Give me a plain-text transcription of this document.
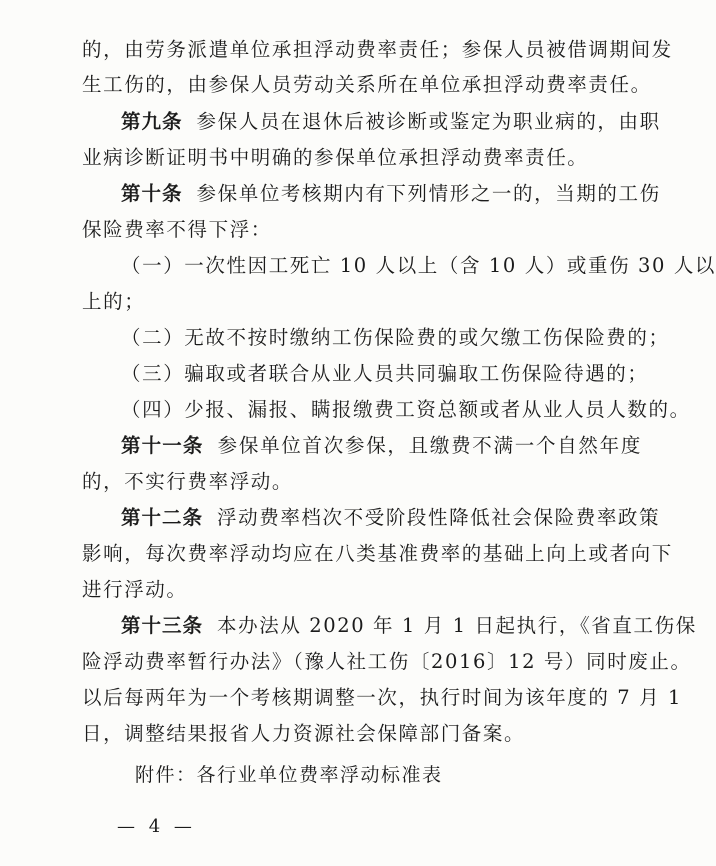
的，由劳务派遣单位承担浮动费率责任；参保人员被借调期间发
生工伤的，由参保人员劳动关系所在单位承担浮动费率责任。
第九条 参保人员在退休后被诊断或鉴定为职业病的，由职
业病诊断证明书中明确的参保单位承担浮动费率责任。
第十条 参保单位考核期内有下列情形之一的，当期的工伤
保险费率不得下浮：
（一）一次性因工死亡 10 人以上（含 10 人）或重伤 30 人以
上的；
（二）无故不按时缴纳工伤保险费的或欠缴工伤保险费的；
（三）骗取或者联合从业人员共同骗取工伤保险待遇的；
（四）少报、漏报、瞒报缴费工资总额或者从业人员人数的。
第十一条 参保单位首次参保，且缴费不满一个自然年度
的，不实行费率浮动。
第十二条 浮动费率档次不受阶段性降低社会保险费率政策
影响，每次费率浮动均应在八类基准费率的基础上向上或者向下
进行浮动。
第十三条 本办法从 2020 年 1 月 1 日起执行，《省直工伤保
险浮动费率暂行办法》（豫人社工伤〔2016〕12 号）同时废止。
以后每两年为一个考核期调整一次，执行时间为该年度的 7 月 1
日，调整结果报省人力资源社会保障部门备案。
附件：各行业单位费率浮动标准表
— 4 —
